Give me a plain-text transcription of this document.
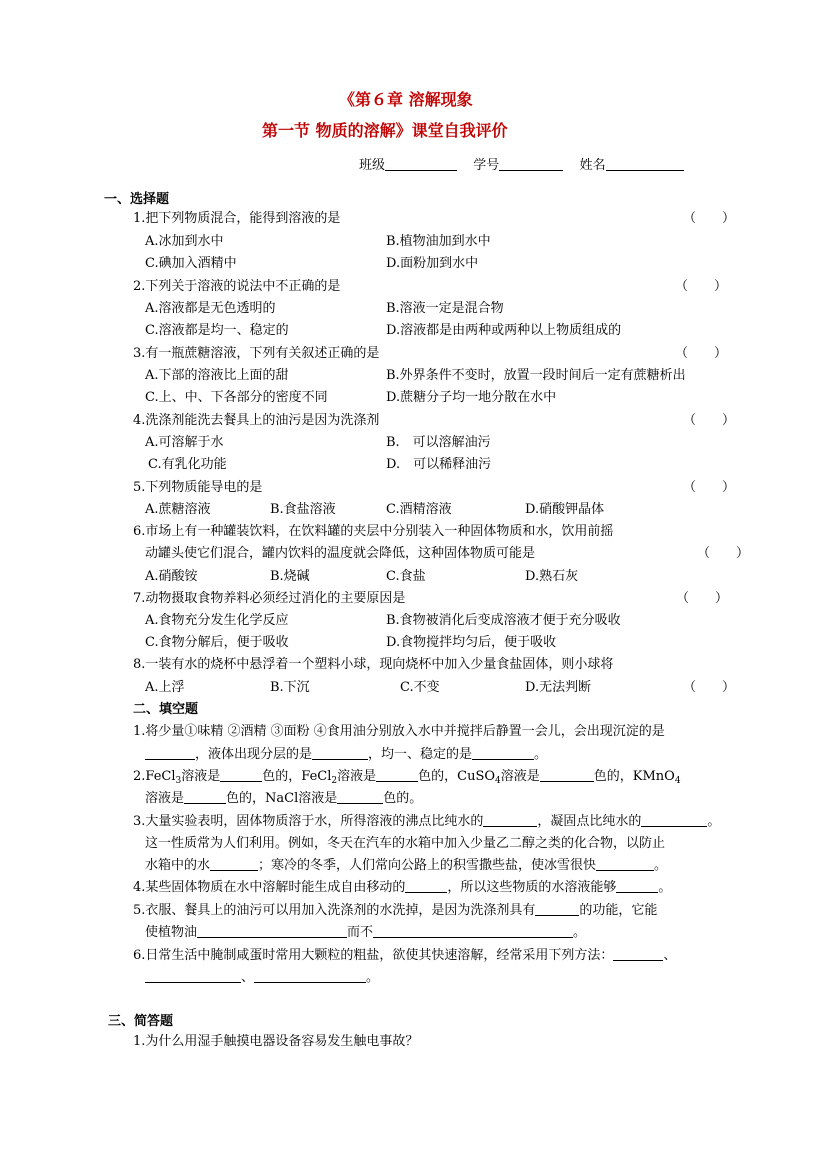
《第６章 溶解现象
第一节 物质的溶解》课堂自我评价
班级	学号	姓名
一、选择题
1.把下列物质混合，能得到溶液的是	（　　）
A.冰加到水中	B.植物油加到水中
C.碘加入酒精中	D.面粉加到水中
2.下列关于溶液的说法中不正确的是	（　　）
A.溶液都是无色透明的	B.溶液一定是混合物
C.溶液都是均一、稳定的	D.溶液都是由两种或两种以上物质组成的
3.有一瓶蔗糖溶液，下列有关叙述正确的是	（　　）
A.下部的溶液比上面的甜	B.外界条件不变时，放置一段时间后一定有蔗糖析出
C.上、中、下各部分的密度不同	D.蔗糖分子均一地分散在水中
4.洗涤剂能洗去餐具上的油污是因为洗涤剂	（　　）
A.可溶解于水	B.　可以溶解油污
C.有乳化功能	D.　可以稀释油污
5.下列物质能导电的是	（　　）
A.蔗糖溶液	B.食盐溶液	C.酒精溶液	D.硝酸钾晶体
6.市场上有一种罐装饮料，在饮料罐的夹层中分别装入一种固体物质和水，饮用前摇
动罐头使它们混合，罐内饮料的温度就会降低，这种固体物质可能是	（　　）
A.硝酸铵	B.烧碱	C.食盐	D.熟石灰
7.动物摄取食物养料必须经过消化的主要原因是	（　　）
A.食物充分发生化学反应	B.食物被消化后变成溶液才便于充分吸收
C.食物分解后，便于吸收	D.食物搅拌均匀后，便于吸收
8.一装有水的烧杯中悬浮着一个塑料小球，现向烧杯中加入少量食盐固体，则小球将
A.上浮	B.下沉	C.不变	D.无法判断	（　　）
二、填空题
1.将少量①味精 ②酒精 ③面粉 ④食用油分别放入水中并搅拌后静置一会儿，会出现沉淀的是
，液体出现分层的是	，均一、稳定的是	。
2.FeCl$_3$溶液是	色的，FeCl$_2$溶液是	色的，CuSO$_4$溶液是	色的，KMnO$_4$
溶液是	色的，NaCl溶液是	色的。
3.大量实验表明，固体物质溶于水，所得溶液的沸点比纯水的	，凝固点比纯水的	。
这一性质常为人们利用。例如，冬天在汽车的水箱中加入少量乙二醇之类的化合物，以防止
水箱中的水	；寒冷的冬季，人们常向公路上的积雪撒些盐，使冰雪很快	。
4.某些固体物质在水中溶解时能生成自由移动的	，所以这些物质的水溶液能够	。
5.衣服、餐具上的油污可以用加入洗涤剂的水洗掉，是因为洗涤剂具有	的功能，它能
使植物油	而不	。
6.日常生活中腌制咸蛋时常用大颗粒的粗盐，欲使其快速溶解，经常采用下列方法：	、
、	。
三、简答题
1.为什么用湿手触摸电器设备容易发生触电事故？
